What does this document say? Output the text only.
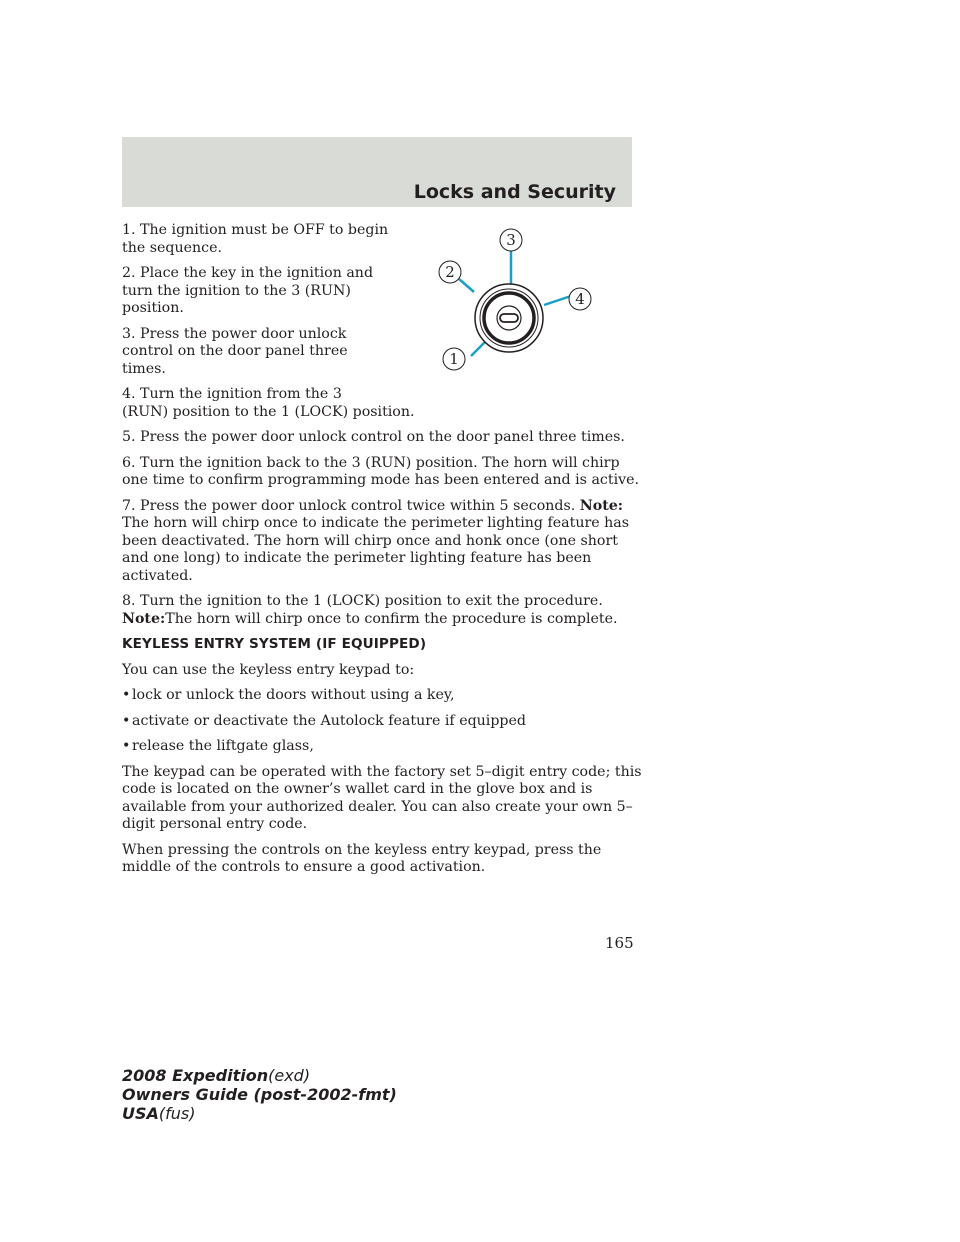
Locks and Security
3
2
4
1

1. The ignition must be OFF to begin the sequence.

2. Place the key in the ignition and turn the ignition to the 3 (RUN) position.

3. Press the power door unlock control on the door panel three times.

4. Turn the ignition from the 3
(RUN) position to the 1 (LOCK) position.

5. Press the power door unlock control on the door panel three times.

6. Turn the ignition back to the 3 (RUN) position. The horn will chirp one time to confirm programming mode has been entered and is active.

7. Press the power door unlock control twice within 5 seconds. Note: The horn will chirp once to indicate the perimeter lighting feature has been deactivated. The horn will chirp once and honk once (one short and one long) to indicate the perimeter lighting feature has been activated.

8. Turn the ignition to the 1 (LOCK) position to exit the procedure. Note:The horn will chirp once to confirm the procedure is complete.

KEYLESS ENTRY SYSTEM (IF EQUIPPED)

You can use the keyless entry keypad to:

• lock or unlock the doors without using a key,
• activate or deactivate the Autolock feature if equipped
• release the liftgate glass,

The keypad can be operated with the factory set 5–digit entry code; this code is located on the owner’s wallet card in the glove box and is available from your authorized dealer. You can also create your own 5–digit personal entry code.

When pressing the controls on the keyless entry keypad, press the middle of the controls to ensure a good activation.

165
2008 Expedition(exd)
Owners Guide (post-2002-fmt)
USA(fus)
